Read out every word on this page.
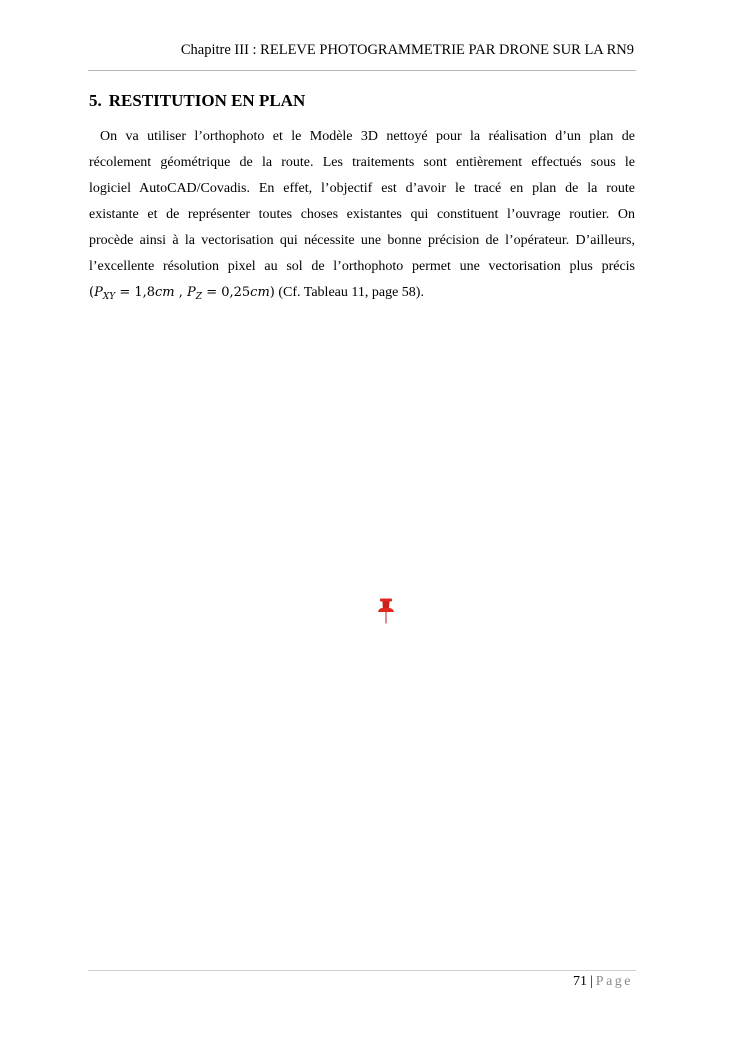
Chapitre III : RELEVE PHOTOGRAMMETRIE PAR DRONE SUR LA RN9
5. RESTITUTION EN PLAN

On va utiliser l’orthophoto et le Modèle 3D nettoyé pour la réalisation d’un plan de
récolement géométrique de la route. Les traitements sont entièrement effectués sous le
logiciel AutoCAD/Covadis. En effet, l’objectif est d’avoir le tracé en plan de la route
existante et de représenter toutes choses existantes qui constituent l’ouvrage routier. On
procède ainsi à la vectorisation qui nécessite une bonne précision de l’opérateur. D’ailleurs,
l’excellente résolution pixel au sol de l’orthophoto permet une vectorisation plus précis
($P_{XY} = 1,8cm$ , $P_Z = 0,25cm$) (Cf. Tableau 11, page 58).

71 | Page
